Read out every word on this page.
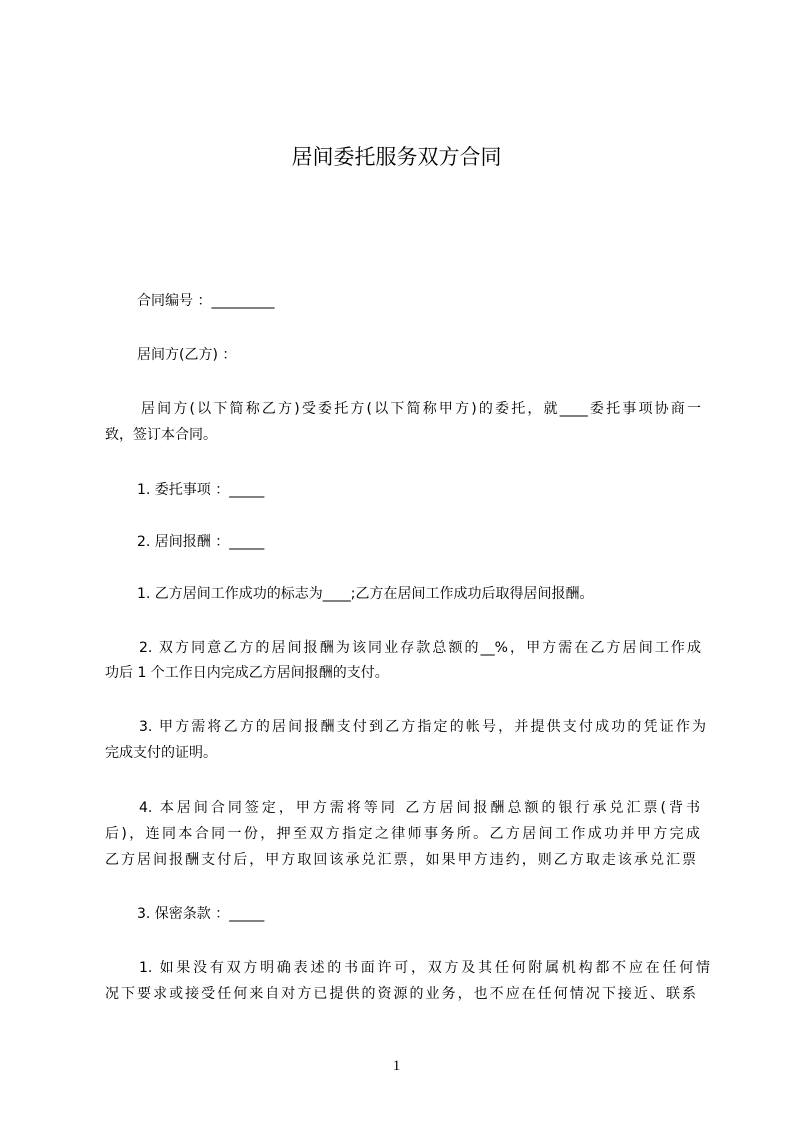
居间委托服务双方合同
合同编号 ：_________
居间方(乙方) ：
居间方(以下简称乙方)受委托方(以下简称甲方)的委托，就____委托事项协商一
致，签订本合同。
1. 委托事项 ：_____
2. 居间报酬 ：_____
1. 乙方居间工作成功的标志为____;乙方在居间工作成功后取得居间报酬。
2. 双方同意乙方的居间报酬为该同业存款总额的__%，甲方需在乙方居间工作成
功后 1 个工作日内完成乙方居间报酬的支付。
3. 甲方需将乙方的居间报酬支付到乙方指定的帐号，并提供支付成功的凭证作为
完成支付的证明。
4. 本居间合同签定，甲方需将等同 乙方居间报酬总额的银行承兑汇票(背书
后)，连同本合同一份，押至双方指定之律师事务所。乙方居间工作成功并甲方完成
乙方居间报酬支付后，甲方取回该承兑汇票，如果甲方违约，则乙方取走该承兑汇票
3. 保密条款 ：_____
1. 如果没有双方明确表述的书面许可，双方及其任何附属机构都不应在任何情
况下要求或接受任何来自对方已提供的资源的业务，也不应在任何情况下接近、联系
1
